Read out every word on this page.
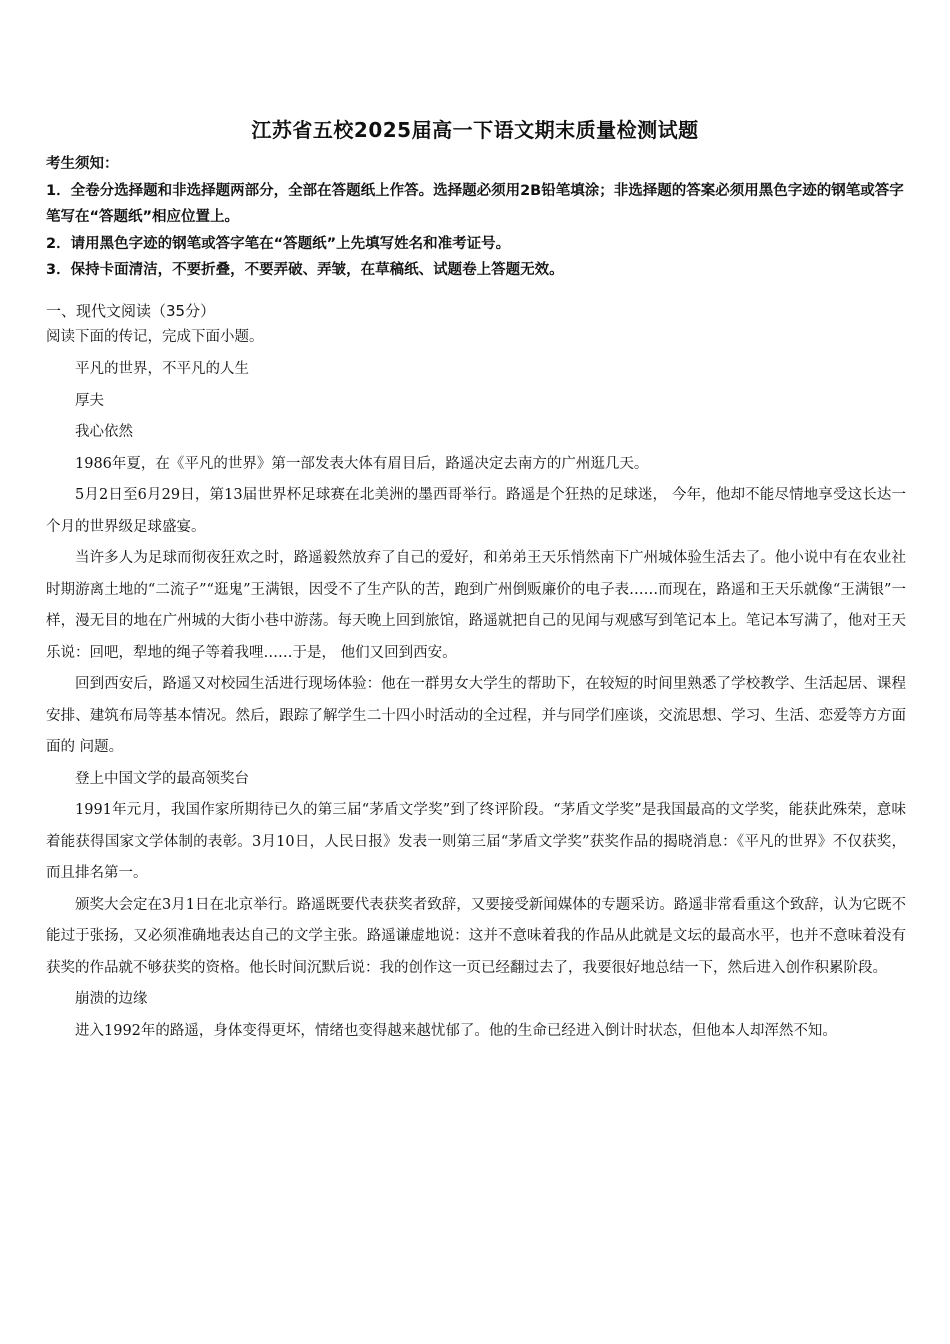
江苏省五校2025届高一下语文期末质量检测试题

考生须知：

1．全卷分选择题和非选择题两部分，全部在答题纸上作答。选择题必须用2B铅笔填涂；非选择题的答案必须用黑色字迹的钢笔或答字笔写在“答题纸”相应位置上。

2．请用黑色字迹的钢笔或答字笔在“答题纸”上先填写姓名和准考证号。

3．保持卡面清洁，不要折叠，不要弄破、弄皱，在草稿纸、试题卷上答题无效。

一、现代文阅读（35分）

阅读下面的传记，完成下面小题。

平凡的世界，不平凡的人生

厚夫

我心依然

1986年夏，在《平凡的世界》第一部发表大体有眉目后，路遥决定去南方的广州逛几天。

5月2日至6月29日，第13届世界杯足球赛在北美洲的墨西哥举行。路遥是个狂热的足球迷， 今年，他却不能尽情地享受这长达一个月的世界级足球盛宴。

当许多人为足球而彻夜狂欢之时，路遥毅然放弃了自己的爱好，和弟弟王天乐悄然南下广州城体验生活去了。他小说中有在农业社时期游离土地的“二流子”“逛鬼”王满银，因受不了生产队的苦，跑到广州倒贩廉价的电子表……而现在，路遥和王天乐就像“王满银”一样，漫无目的地在广州城的大街小巷中游荡。每天晚上回到旅馆，路遥就把自己的见闻与观感写到笔记本上。笔记本写满了，他对王天乐说：回吧，犁地的绳子等着我哩……于是， 他们又回到西安。

回到西安后，路遥又对校园生活进行现场体验：他在一群男女大学生的帮助下，在较短的时间里熟悉了学校教学、生活起居、课程安排、建筑布局等基本情况。然后，跟踪了解学生二十四小时活动的全过程，并与同学们座谈，交流思想、学习、生活、恋爱等方方面面的 问题。

登上中国文学的最高领奖台

1991年元月，我国作家所期待已久的第三届“茅盾文学奖”到了终评阶段。“茅盾文学奖”是我国最高的文学奖，能获此殊荣，意味着能获得国家文学体制的表彰。3月10日，人民日报》发表一则第三届“茅盾文学奖”获奖作品的揭晓消息：《平凡的世界》不仅获奖，而且排名第一。

颁奖大会定在3月1日在北京举行。路遥既要代表获奖者致辞，又要接受新闻媒体的专题采访。路遥非常看重这个致辞，认为它既不能过于张扬，又必须准确地表达自己的文学主张。路遥谦虚地说：这并不意味着我的作品从此就是文坛的最高水平，也并不意味着没有获奖的作品就不够获奖的资格。他长时间沉默后说：我的创作这一页已经翻过去了，我要很好地总结一下，然后进入创作积累阶段。

崩溃的边缘

进入1992年的路遥，身体变得更坏，情绪也变得越来越忧郁了。他的生命已经进入倒计时状态，但他本人却浑然不知。
